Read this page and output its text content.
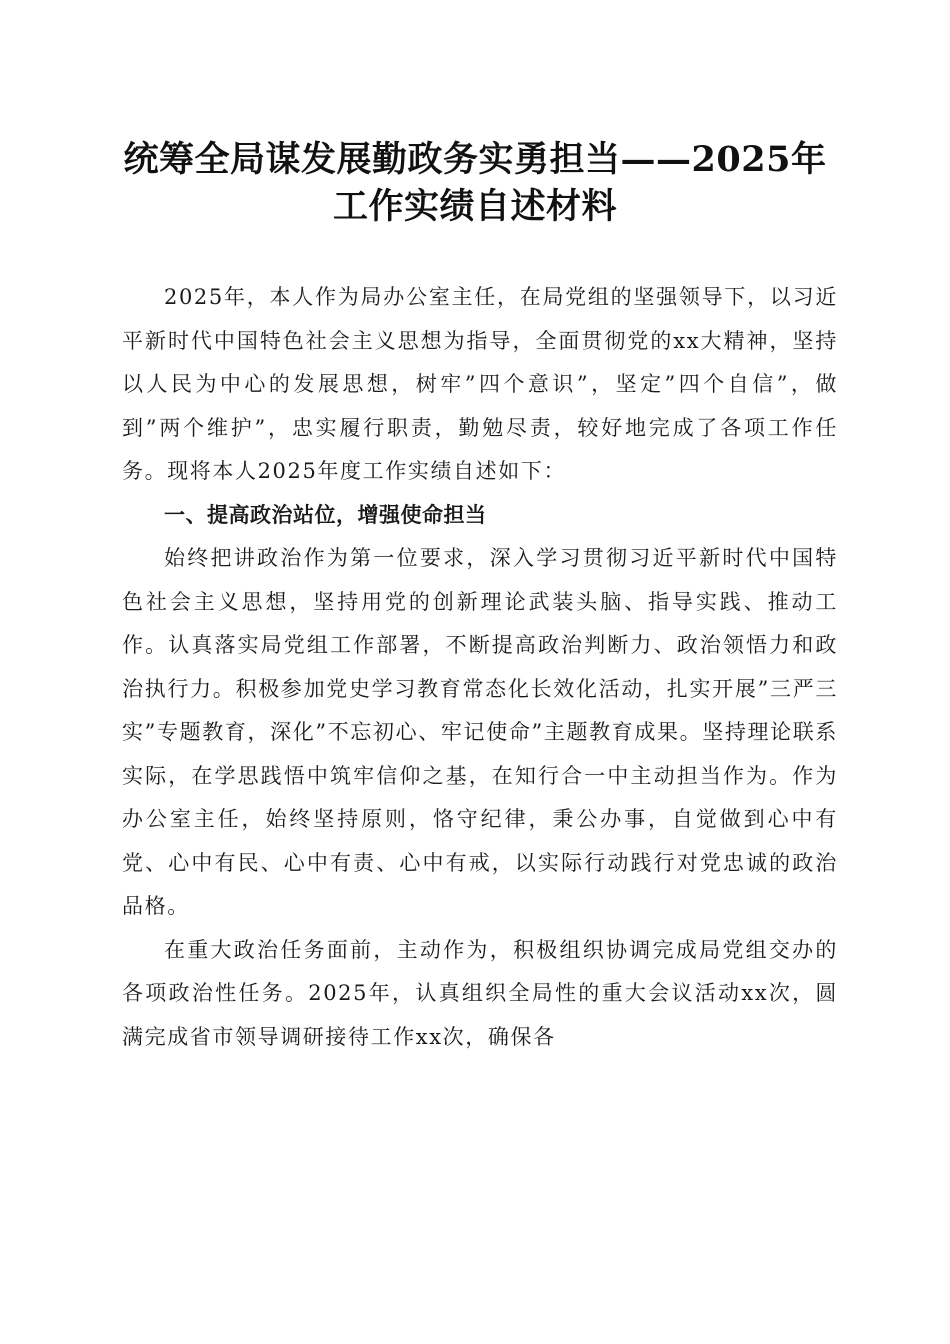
统筹全局谋发展勤政务实勇担当——2025年
工作实绩自述材料

2025年，本人作为局办公室主任，在局党组的坚强领导下，以习近平新时代中国特色社会主义思想为指导，全面贯彻党的xx大精神，坚持以人民为中心的发展思想，树牢”四个意识”，坚定”四个自信”，做到”两个维护”，忠实履行职责，勤勉尽责，较好地完成了各项工作任务。现将本人2025年度工作实绩自述如下：

一、提高政治站位，增强使命担当

始终把讲政治作为第一位要求，深入学习贯彻习近平新时代中国特色社会主义思想，坚持用党的创新理论武装头脑、指导实践、推动工作。认真落实局党组工作部署，不断提高政治判断力、政治领悟力和政治执行力。积极参加党史学习教育常态化长效化活动，扎实开展”三严三实”专题教育，深化”不忘初心、牢记使命”主题教育成果。坚持理论联系实际，在学思践悟中筑牢信仰之基，在知行合一中主动担当作为。作为办公室主任，始终坚持原则，恪守纪律，秉公办事，自觉做到心中有党、心中有民、心中有责、心中有戒，以实际行动践行对党忠诚的政治品格。

在重大政治任务面前，主动作为，积极组织协调完成局党组交办的各项政治性任务。2025年，认真组织全局性的重大会议活动xx次，圆满完成省市领导调研接待工作xx次，确保各
